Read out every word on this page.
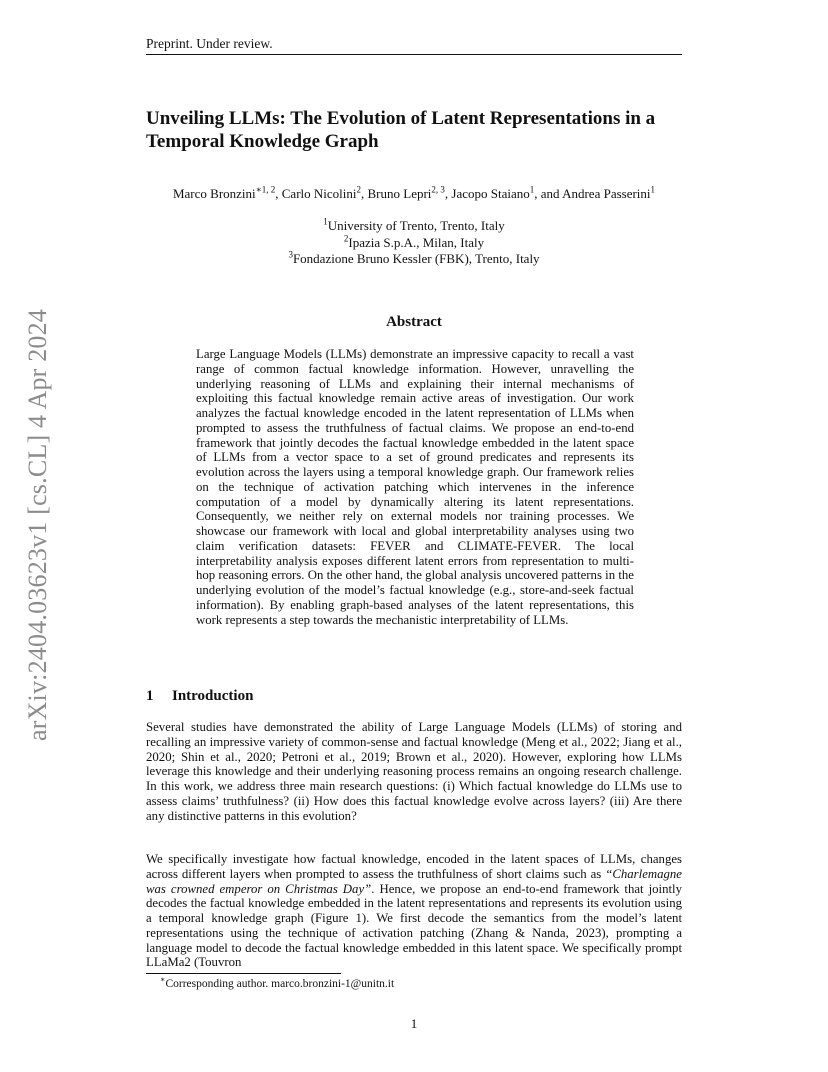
Preprint. Under review.
arXiv:2404.03623v1 [cs.CL] 4 Apr 2024
Unveiling LLMs: The Evolution of Latent Representations in a Temporal Knowledge Graph
Marco Bronzini$^{∗1, 2}$, Carlo Nicolini$^2$, Bruno Lepri$^{2, 3}$, Jacopo Staiano$^1$, and Andrea Passerini$^1$
$^1$University of Trento, Trento, Italy
$^2$Ipazia S.p.A., Milan, Italy
$^3$Fondazione Bruno Kessler (FBK), Trento, Italy
Abstract

Large Language Models (LLMs) demonstrate an impressive capacity to recall a vast range of common factual knowledge information. However, unravelling the underlying reasoning of LLMs and explaining their internal mechanisms of exploiting this factual knowledge remain active areas of investigation. Our work analyzes the factual knowledge encoded in the latent representation of LLMs when prompted to assess the truthfulness of factual claims. We propose an end-to-end framework that jointly decodes the factual knowledge embedded in the latent space of LLMs from a vector space to a set of ground predicates and represents its evolution across the layers using a temporal knowledge graph. Our framework relies on the technique of activation patching which intervenes in the inference computation of a model by dynamically altering its latent representations. Consequently, we neither rely on external models nor training processes. We showcase our framework with local and global interpretability analyses using two claim verification datasets: FEVER and CLIMATE-FEVER. The local interpretability analysis exposes different latent errors from representation to multi-hop reasoning errors. On the other hand, the global analysis uncovered patterns in the underlying evolution of the model’s factual knowledge (e.g., store-and-seek factual information). By enabling graph-based analyses of the latent representations, this work represents a step towards the mechanistic interpretability of LLMs.

1 Introduction

Several studies have demonstrated the ability of Large Language Models (LLMs) of storing and recalling an impressive variety of common-sense and factual knowledge (Meng et al., 2022; Jiang et al., 2020; Shin et al., 2020; Petroni et al., 2019; Brown et al., 2020). However, exploring how LLMs leverage this knowledge and their underlying reasoning process remains an ongoing research challenge. In this work, we address three main research questions: (i) Which factual knowledge do LLMs use to assess claims’ truthfulness? (ii) How does this factual knowledge evolve across layers? (iii) Are there any distinctive patterns in this evolution?

We specifically investigate how factual knowledge, encoded in the latent spaces of LLMs, changes across different layers when prompted to assess the truthfulness of short claims such as “Charlemagne was crowned emperor on Christmas Day”. Hence, we propose an end-to-end framework that jointly decodes the factual knowledge embedded in the latent representations and represents its evolution using a temporal knowledge graph (Figure 1). We first decode the semantics from the model’s latent representations using the technique of activation patching (Zhang & Nanda, 2023), prompting a language model to decode the factual knowledge embedded in this latent space. We specifically prompt LLaMa2 (Touvron

∗Corresponding author. marco.bronzini-1@unitn.it
1
